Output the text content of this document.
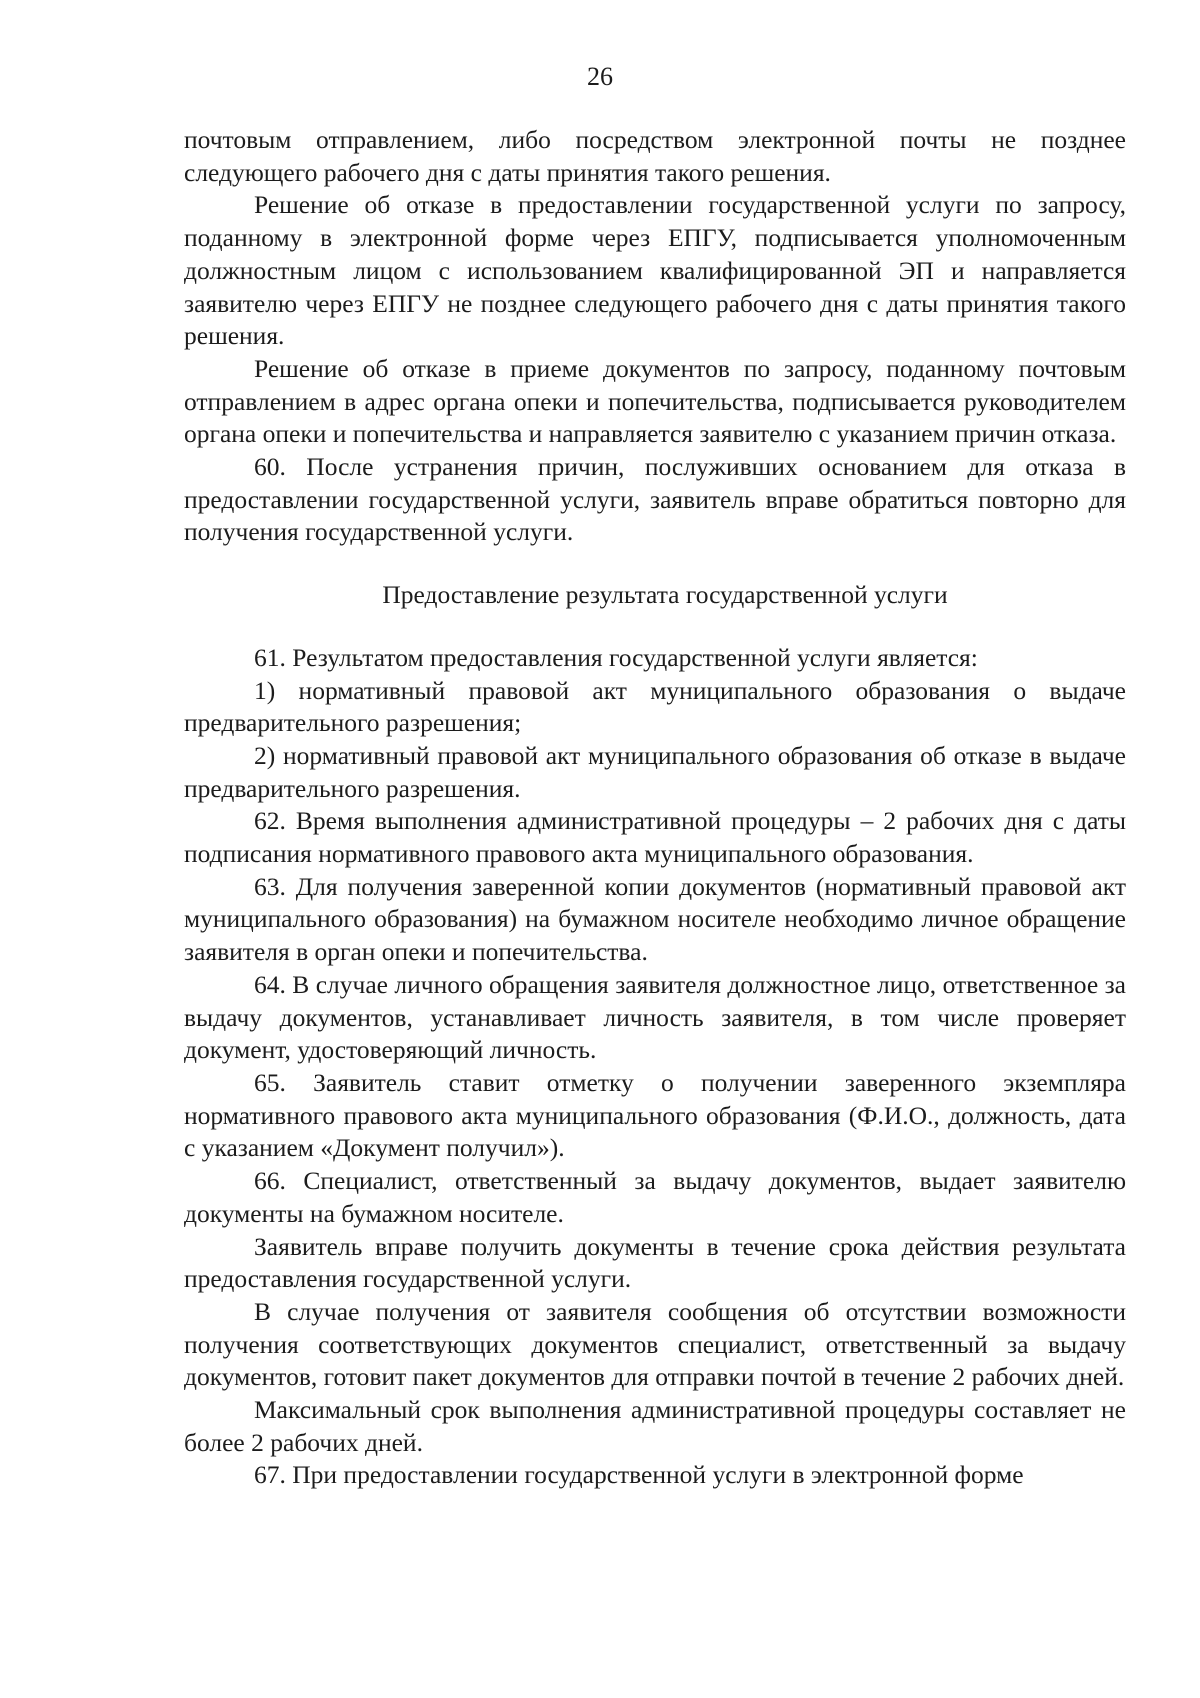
26

почтовым отправлением, либо посредством электронной почты не позднее следующего рабочего дня с даты принятия такого решения.

Решение об отказе в предоставлении государственной услуги по запросу, поданному в электронной форме через ЕПГУ, подписывается уполномоченным должностным лицом с использованием квалифицированной ЭП и направляется заявителю через ЕПГУ не позднее следующего рабочего дня с даты принятия такого решения.

Решение об отказе в приеме документов по запросу, поданному почтовым отправлением в адрес органа опеки и попечительства, подписывается руководителем органа опеки и попечительства и направляется заявителю с указанием причин отказа.

60. После устранения причин, послуживших основанием для отказа в предоставлении государственной услуги, заявитель вправе обратиться повторно для получения государственной услуги.

Предоставление результата государственной услуги

61. Результатом предоставления государственной услуги является:

1) нормативный правовой акт муниципального образования о выдаче предварительного разрешения;

2) нормативный правовой акт муниципального образования об отказе в выдаче предварительного разрешения.

62. Время выполнения административной процедуры – 2 рабочих дня с даты подписания нормативного правового акта муниципального образования.

63. Для получения заверенной копии документов (нормативный правовой акт муниципального образования) на бумажном носителе необходимо личное обращение заявителя в орган опеки и попечительства.

64. В случае личного обращения заявителя должностное лицо, ответственное за выдачу документов, устанавливает личность заявителя, в том числе проверяет документ, удостоверяющий личность.

65. Заявитель ставит отметку о получении заверенного экземпляра нормативного правового акта муниципального образования (Ф.И.О., должность, дата с указанием «Документ получил»).

66. Специалист, ответственный за выдачу документов, выдает заявителю документы на бумажном носителе.

Заявитель вправе получить документы в течение срока действия результата предоставления государственной услуги.

В случае получения от заявителя сообщения об отсутствии возможности получения соответствующих документов специалист, ответственный за выдачу документов, готовит пакет документов для отправки почтой в течение 2 рабочих дней.

Максимальный срок выполнения административной процедуры составляет не более 2 рабочих дней.

67. При предоставлении государственной услуги в электронной форме
